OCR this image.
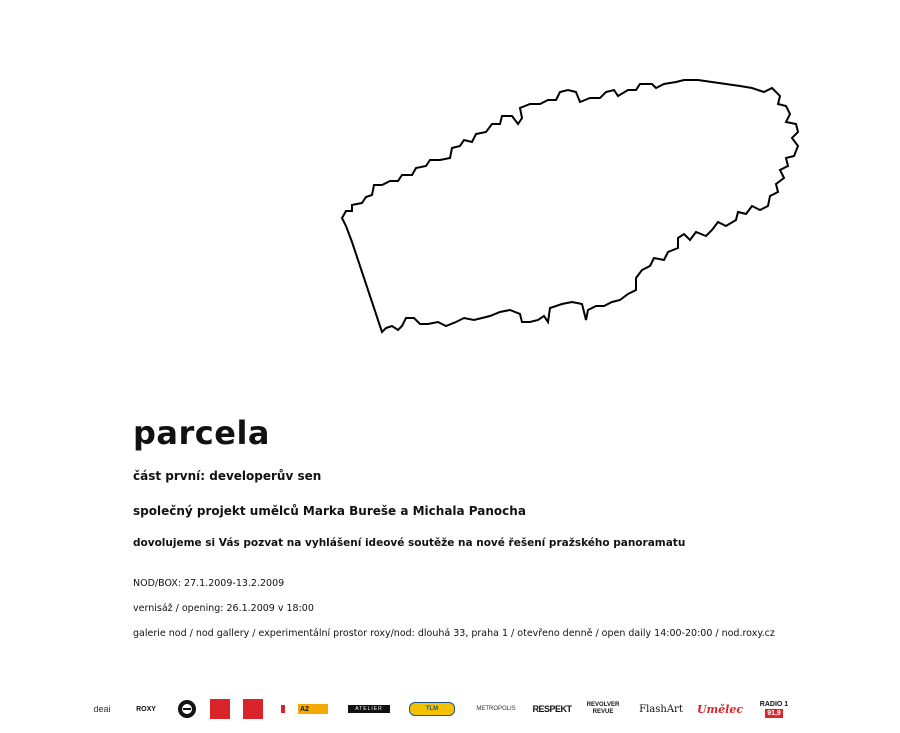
parcela
část první: developerův sen
společný projekt umělců Marka Bureše a Michala Panocha
dovolujeme si Vás pozvat na vyhlášení ideové soutěže na nové řešení pražského panoramatu
NOD/BOX: 27.1.2009-13.2.2009
vernisáž / opening: 26.1.2009 v 18:00
galerie nod / nod gallery / experimentální prostor roxy/nod: dlouhá 33, praha 1 / otevřeno denně / open daily 14:00-20:00 / nod.roxy.cz
deai	ROXY	A2	ATELIER	TLM	METROPOLIS RESPEKT	REVOLVER REVUE	FlashArt Umělec RADIO 1
91,9
